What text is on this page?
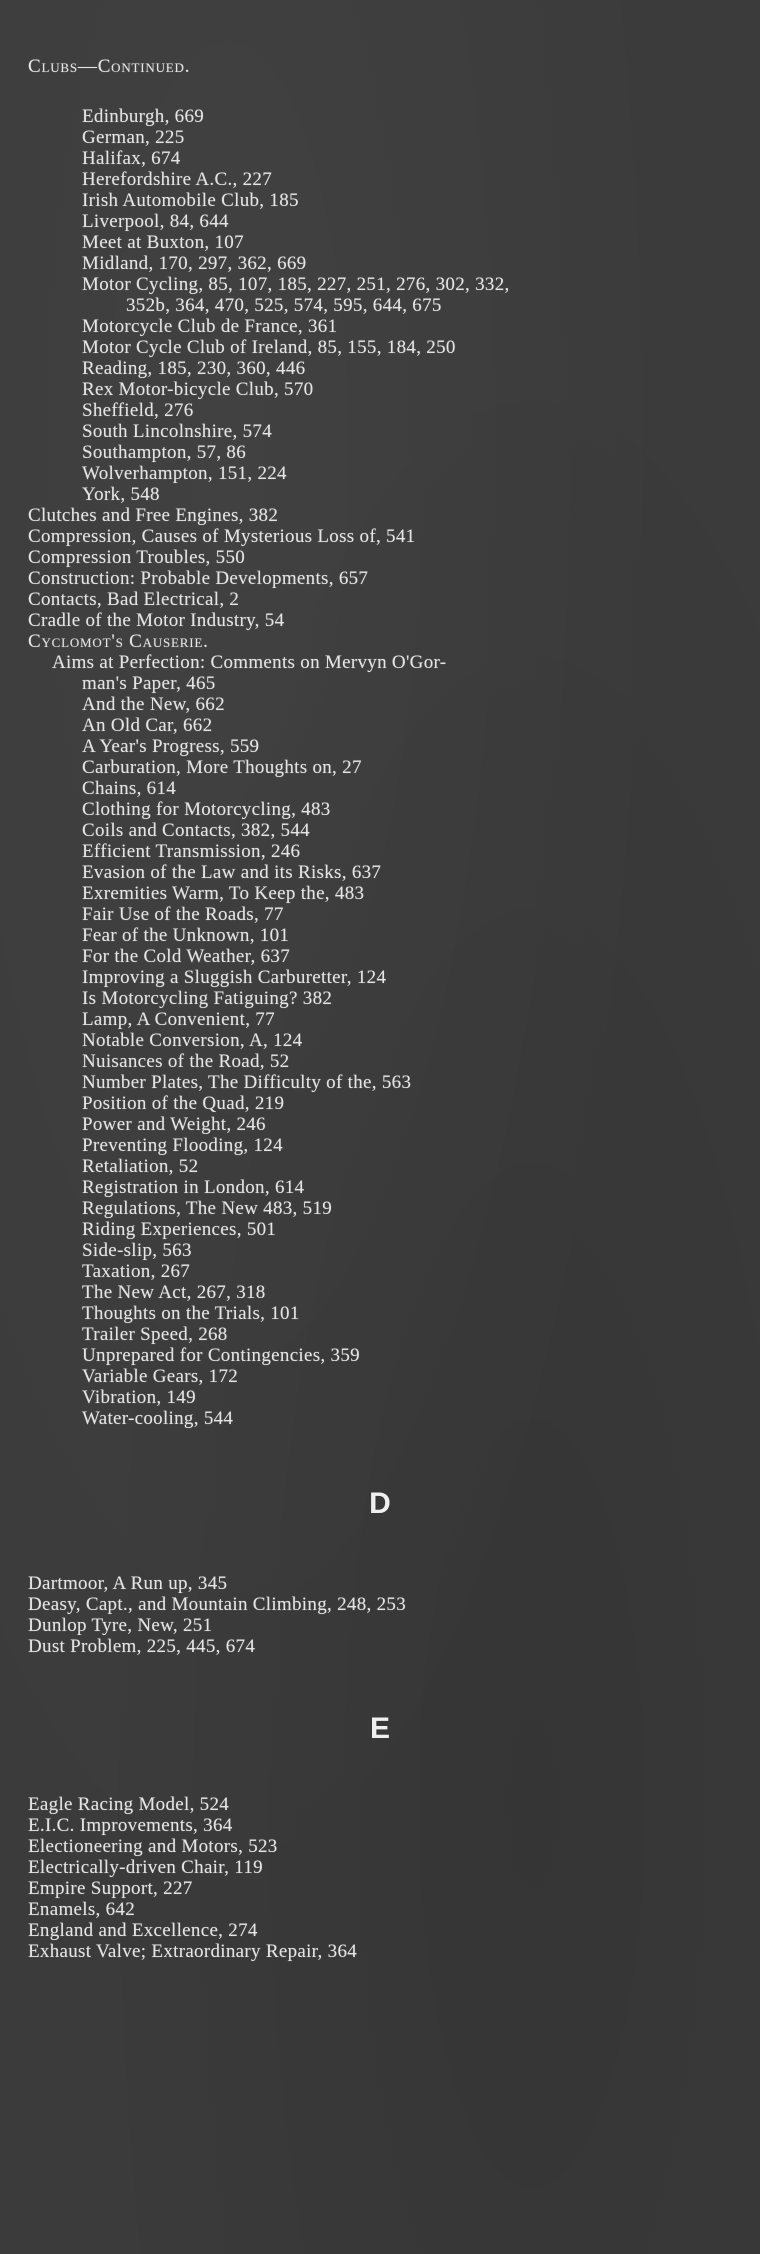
Clubs—Continued.
Edinburgh, 669
German, 225
Halifax, 674
Herefordshire A.C., 227
Irish Automobile Club, 185
Liverpool, 84, 644
Meet at Buxton, 107
Midland, 170, 297, 362, 669
Motor Cycling, 85, 107, 185, 227, 251, 276, 302, 332,
352b, 364, 470, 525, 574, 595, 644, 675
Motorcycle Club de France, 361
Motor Cycle Club of Ireland, 85, 155, 184, 250
Reading, 185, 230, 360, 446
Rex Motor-bicycle Club, 570
Sheffield, 276
South Lincolnshire, 574
Southampton, 57, 86
Wolverhampton, 151, 224
York, 548
Clutches and Free Engines, 382
Compression, Causes of Mysterious Loss of, 541
Compression Troubles, 550
Construction: Probable Developments, 657
Contacts, Bad Electrical, 2
Cradle of the Motor Industry, 54
Cyclomot's Causerie.
Aims at Perfection: Comments on Mervyn O'Gor-
man's Paper, 465
And the New, 662
An Old Car, 662
A Year's Progress, 559
Carburation, More Thoughts on, 27
Chains, 614
Clothing for Motorcycling, 483
Coils and Contacts, 382, 544
Efficient Transmission, 246
Evasion of the Law and its Risks, 637
Exremities Warm, To Keep the, 483
Fair Use of the Roads, 77
Fear of the Unknown, 101
For the Cold Weather, 637
Improving a Sluggish Carburetter, 124
Is Motorcycling Fatiguing? 382
Lamp, A Convenient, 77
Notable Conversion, A, 124
Nuisances of the Road, 52
Number Plates, The Difficulty of the, 563
Position of the Quad, 219
Power and Weight, 246
Preventing Flooding, 124
Retaliation, 52
Registration in London, 614
Regulations, The New 483, 519
Riding Experiences, 501
Side-slip, 563
Taxation, 267
The New Act, 267, 318
Thoughts on the Trials, 101
Trailer Speed, 268
Unprepared for Contingencies, 359
Variable Gears, 172
Vibration, 149
Water-cooling, 544
D
Dartmoor, A Run up, 345
Deasy, Capt., and Mountain Climbing, 248, 253
Dunlop Tyre, New, 251
Dust Problem, 225, 445, 674
E
Eagle Racing Model, 524
E.I.C. Improvements, 364
Electioneering and Motors, 523
Electrically-driven Chair, 119
Empire Support, 227
Enamels, 642
England and Excellence, 274
Exhaust Valve; Extraordinary Repair, 364
